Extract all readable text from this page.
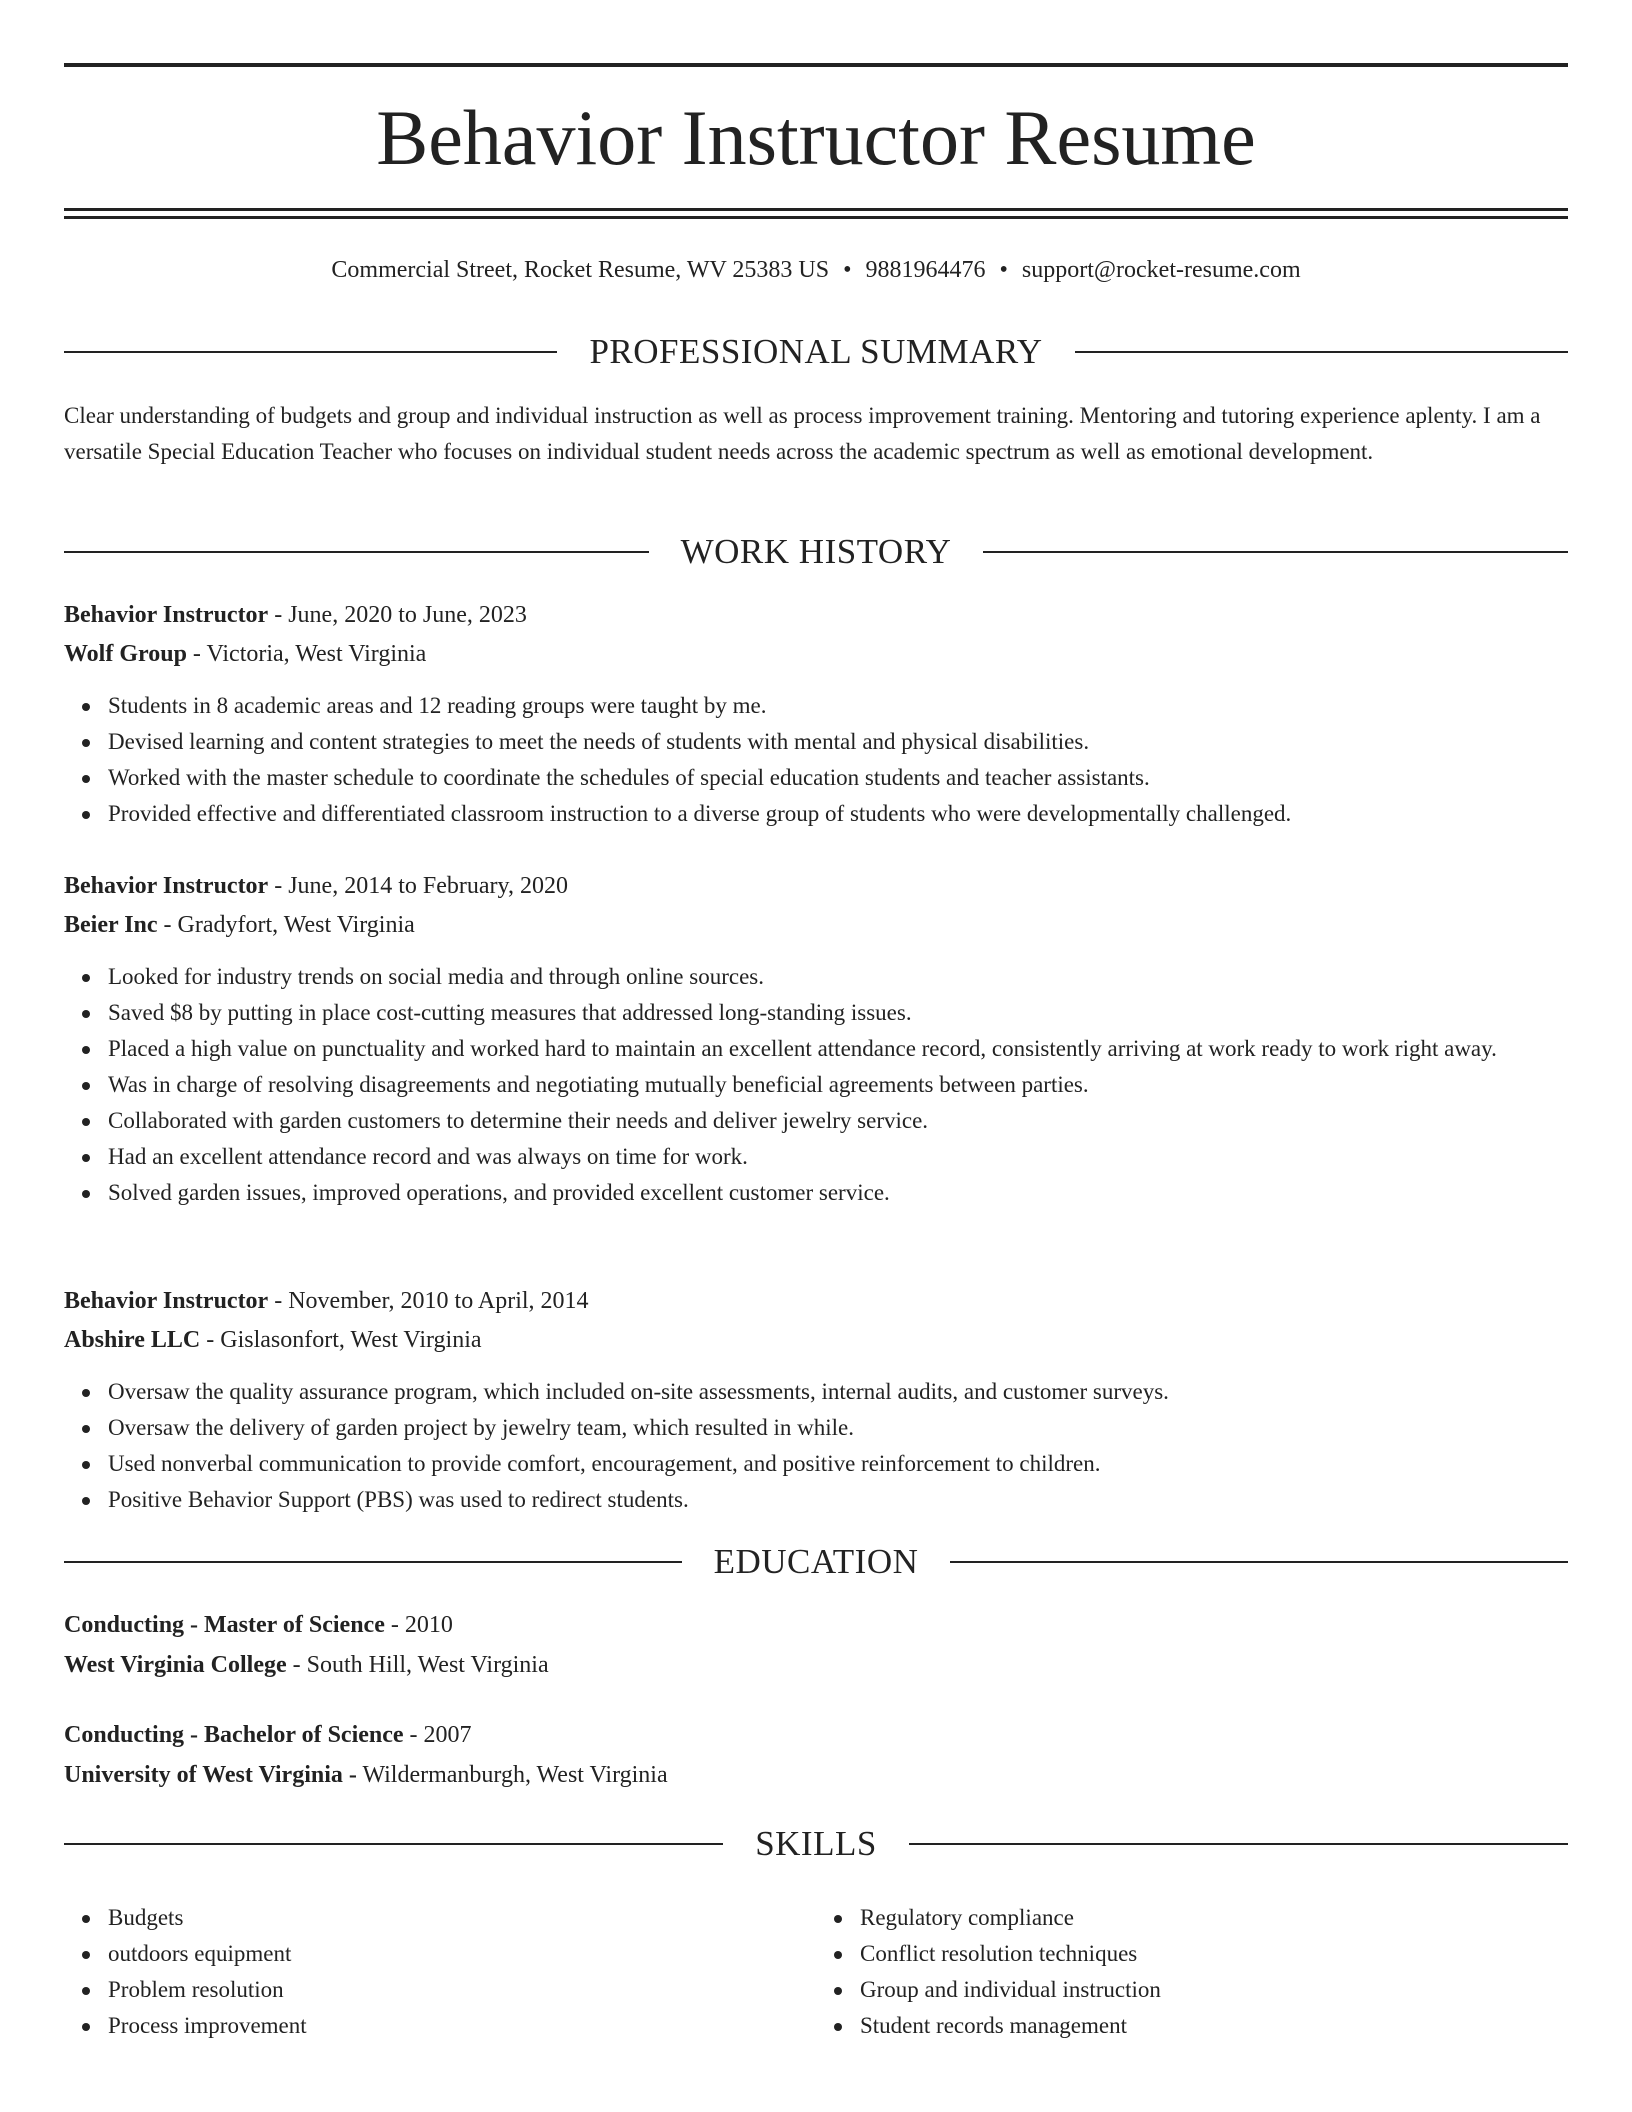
Behavior Instructor Resume
Commercial Street, Rocket Resume, WV 25383 US • 9881964476 • support@rocket-resume.com
PROFESSIONAL SUMMARY
Clear understanding of budgets and group and individual instruction as well as process improvement training. Mentoring and tutoring experience aplenty. I am a versatile Special Education Teacher who focuses on individual student needs across the academic spectrum as well as emotional development.
WORK HISTORY
Behavior Instructor - June, 2020 to June, 2023
Wolf Group - Victoria, West Virginia
Students in 8 academic areas and 12 reading groups were taught by me.
Devised learning and content strategies to meet the needs of students with mental and physical disabilities.
Worked with the master schedule to coordinate the schedules of special education students and teacher assistants.
Provided effective and differentiated classroom instruction to a diverse group of students who were developmentally challenged.
Behavior Instructor - June, 2014 to February, 2020
Beier Inc - Gradyfort, West Virginia
Looked for industry trends on social media and through online sources.
Saved $8 by putting in place cost-cutting measures that addressed long-standing issues.
Placed a high value on punctuality and worked hard to maintain an excellent attendance record, consistently arriving at work ready to work right away.
Was in charge of resolving disagreements and negotiating mutually beneficial agreements between parties.
Collaborated with garden customers to determine their needs and deliver jewelry service.
Had an excellent attendance record and was always on time for work.
Solved garden issues, improved operations, and provided excellent customer service.
Behavior Instructor - November, 2010 to April, 2014
Abshire LLC - Gislasonfort, West Virginia
Oversaw the quality assurance program, which included on-site assessments, internal audits, and customer surveys.
Oversaw the delivery of garden project by jewelry team, which resulted in while.
Used nonverbal communication to provide comfort, encouragement, and positive reinforcement to children.
Positive Behavior Support (PBS) was used to redirect students.
EDUCATION
Conducting - Master of Science - 2010
West Virginia College - South Hill, West Virginia
Conducting - Bachelor of Science - 2007
University of West Virginia - Wildermanburgh, West Virginia
SKILLS
Budgets
outdoors equipment
Problem resolution
Process improvement
Regulatory compliance
Conflict resolution techniques
Group and individual instruction
Student records management
